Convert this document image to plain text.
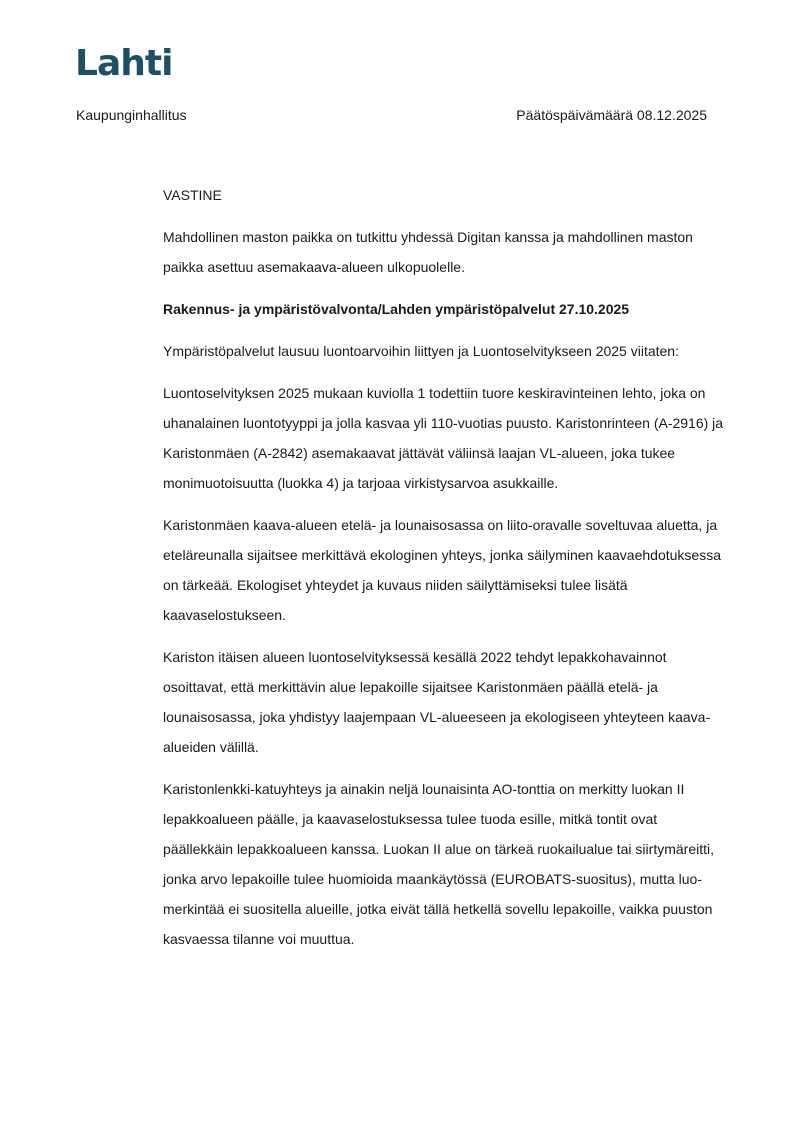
Lahti
Kaupunginhallitus	Päätöspäivämäärä 08.12.2025

VASTINE

Mahdollinen maston paikka on tutkittu yhdessä Digitan kanssa ja mahdollinen maston paikka asettuu asemakaava-alueen ulkopuolelle.

Rakennus- ja ympäristövalvonta/Lahden ympäristöpalvelut 27.10.2025

Ympäristöpalvelut lausuu luontoarvoihin liittyen ja Luontoselvitykseen 2025 viitaten:

Luontoselvityksen 2025 mukaan kuviolla 1 todettiin tuore keskiravinteinen lehto, joka on uhanalainen luontotyyppi ja jolla kasvaa yli 110-vuotias puusto. Karistonrinteen (A-2916) ja Karistonmäen (A-2842) asemakaavat jättävät väliinsä laajan VL-alueen, joka tukee monimuotoisuutta (luokka 4) ja tarjoaa virkistysarvoa asukkaille.

Karistonmäen kaava-alueen etelä- ja lounaisosassa on liito-oravalle soveltuvaa aluetta, ja eteläreunalla sijaitsee merkittävä ekologinen yhteys, jonka säilyminen kaavaehdotuksessa on tärkeää. Ekologiset yhteydet ja kuvaus niiden säilyttämiseksi tulee lisätä kaavaselostukseen.

Kariston itäisen alueen luontoselvityksessä kesällä 2022 tehdyt lepakkohavainnot osoittavat, että merkittävin alue lepakoille sijaitsee Karistonmäen päällä etelä- ja lounaisosassa, joka yhdistyy laajempaan VL-alueeseen ja ekologiseen yhteyteen kaava-alueiden välillä.

Karistonlenkki-katuyhteys ja ainakin neljä lounaisinta AO-tonttia on merkitty luokan II lepakkoalueen päälle, ja kaavaselostuksessa tulee tuoda esille, mitkä tontit ovat päällekkäin lepakkoalueen kanssa. Luokan II alue on tärkeä ruokailualue tai siirtymäreitti, jonka arvo lepakoille tulee huomioida maankäytössä (EUROBATS-suositus), mutta luo-merkintää ei suositella alueille, jotka eivät tällä hetkellä sovellu lepakoille, vaikka puuston kasvaessa tilanne voi muuttua.
